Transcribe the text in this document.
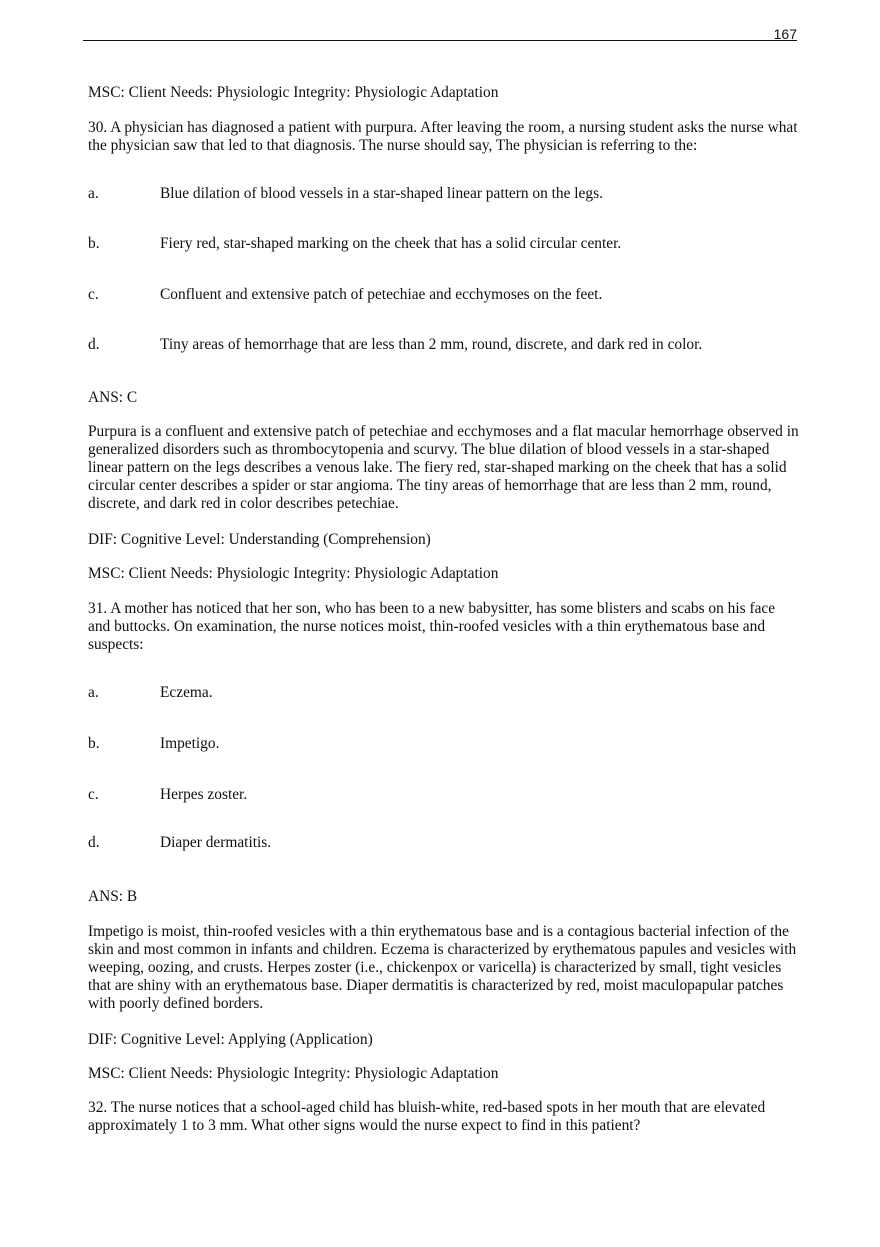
167

MSC: Client Needs: Physiologic Integrity: Physiologic Adaptation

30. A physician has diagnosed a patient with purpura. After leaving the room, a nursing student asks the nurse what the physician saw that led to that diagnosis. The nurse should say, The physician is referring to the:

a.	Blue dilation of blood vessels in a star-shaped linear pattern on the legs.

b.	Fiery red, star-shaped marking on the cheek that has a solid circular center.

c.	Confluent and extensive patch of petechiae and ecchymoses on the feet.

d.	Tiny areas of hemorrhage that are less than 2 mm, round, discrete, and dark red in color.

ANS: C

Purpura is a confluent and extensive patch of petechiae and ecchymoses and a flat macular hemorrhage observed in generalized disorders such as thrombocytopenia and scurvy. The blue dilation of blood vessels in a star-shaped linear pattern on the legs describes a venous lake. The fiery red, star-shaped marking on the cheek that has a solid circular center describes a spider or star angioma. The tiny areas of hemorrhage that are less than 2 mm, round, discrete, and dark red in color describes petechiae.

DIF: Cognitive Level: Understanding (Comprehension)

MSC: Client Needs: Physiologic Integrity: Physiologic Adaptation

31. A mother has noticed that her son, who has been to a new babysitter, has some blisters and scabs on his face and buttocks. On examination, the nurse notices moist, thin-roofed vesicles with a thin erythematous base and suspects:

a.	Eczema.

b.	Impetigo.

c.	Herpes zoster.

d.	Diaper dermatitis.

ANS: B

Impetigo is moist, thin-roofed vesicles with a thin erythematous base and is a contagious bacterial infection of the skin and most common in infants and children. Eczema is characterized by erythematous papules and vesicles with weeping, oozing, and crusts. Herpes zoster (i.e., chickenpox or varicella) is characterized by small, tight vesicles that are shiny with an erythematous base. Diaper dermatitis is characterized by red, moist maculopapular patches with poorly defined borders.

DIF: Cognitive Level: Applying (Application)

MSC: Client Needs: Physiologic Integrity: Physiologic Adaptation

32. The nurse notices that a school-aged child has bluish-white, red-based spots in her mouth that are elevated approximately 1 to 3 mm. What other signs would the nurse expect to find in this patient?
